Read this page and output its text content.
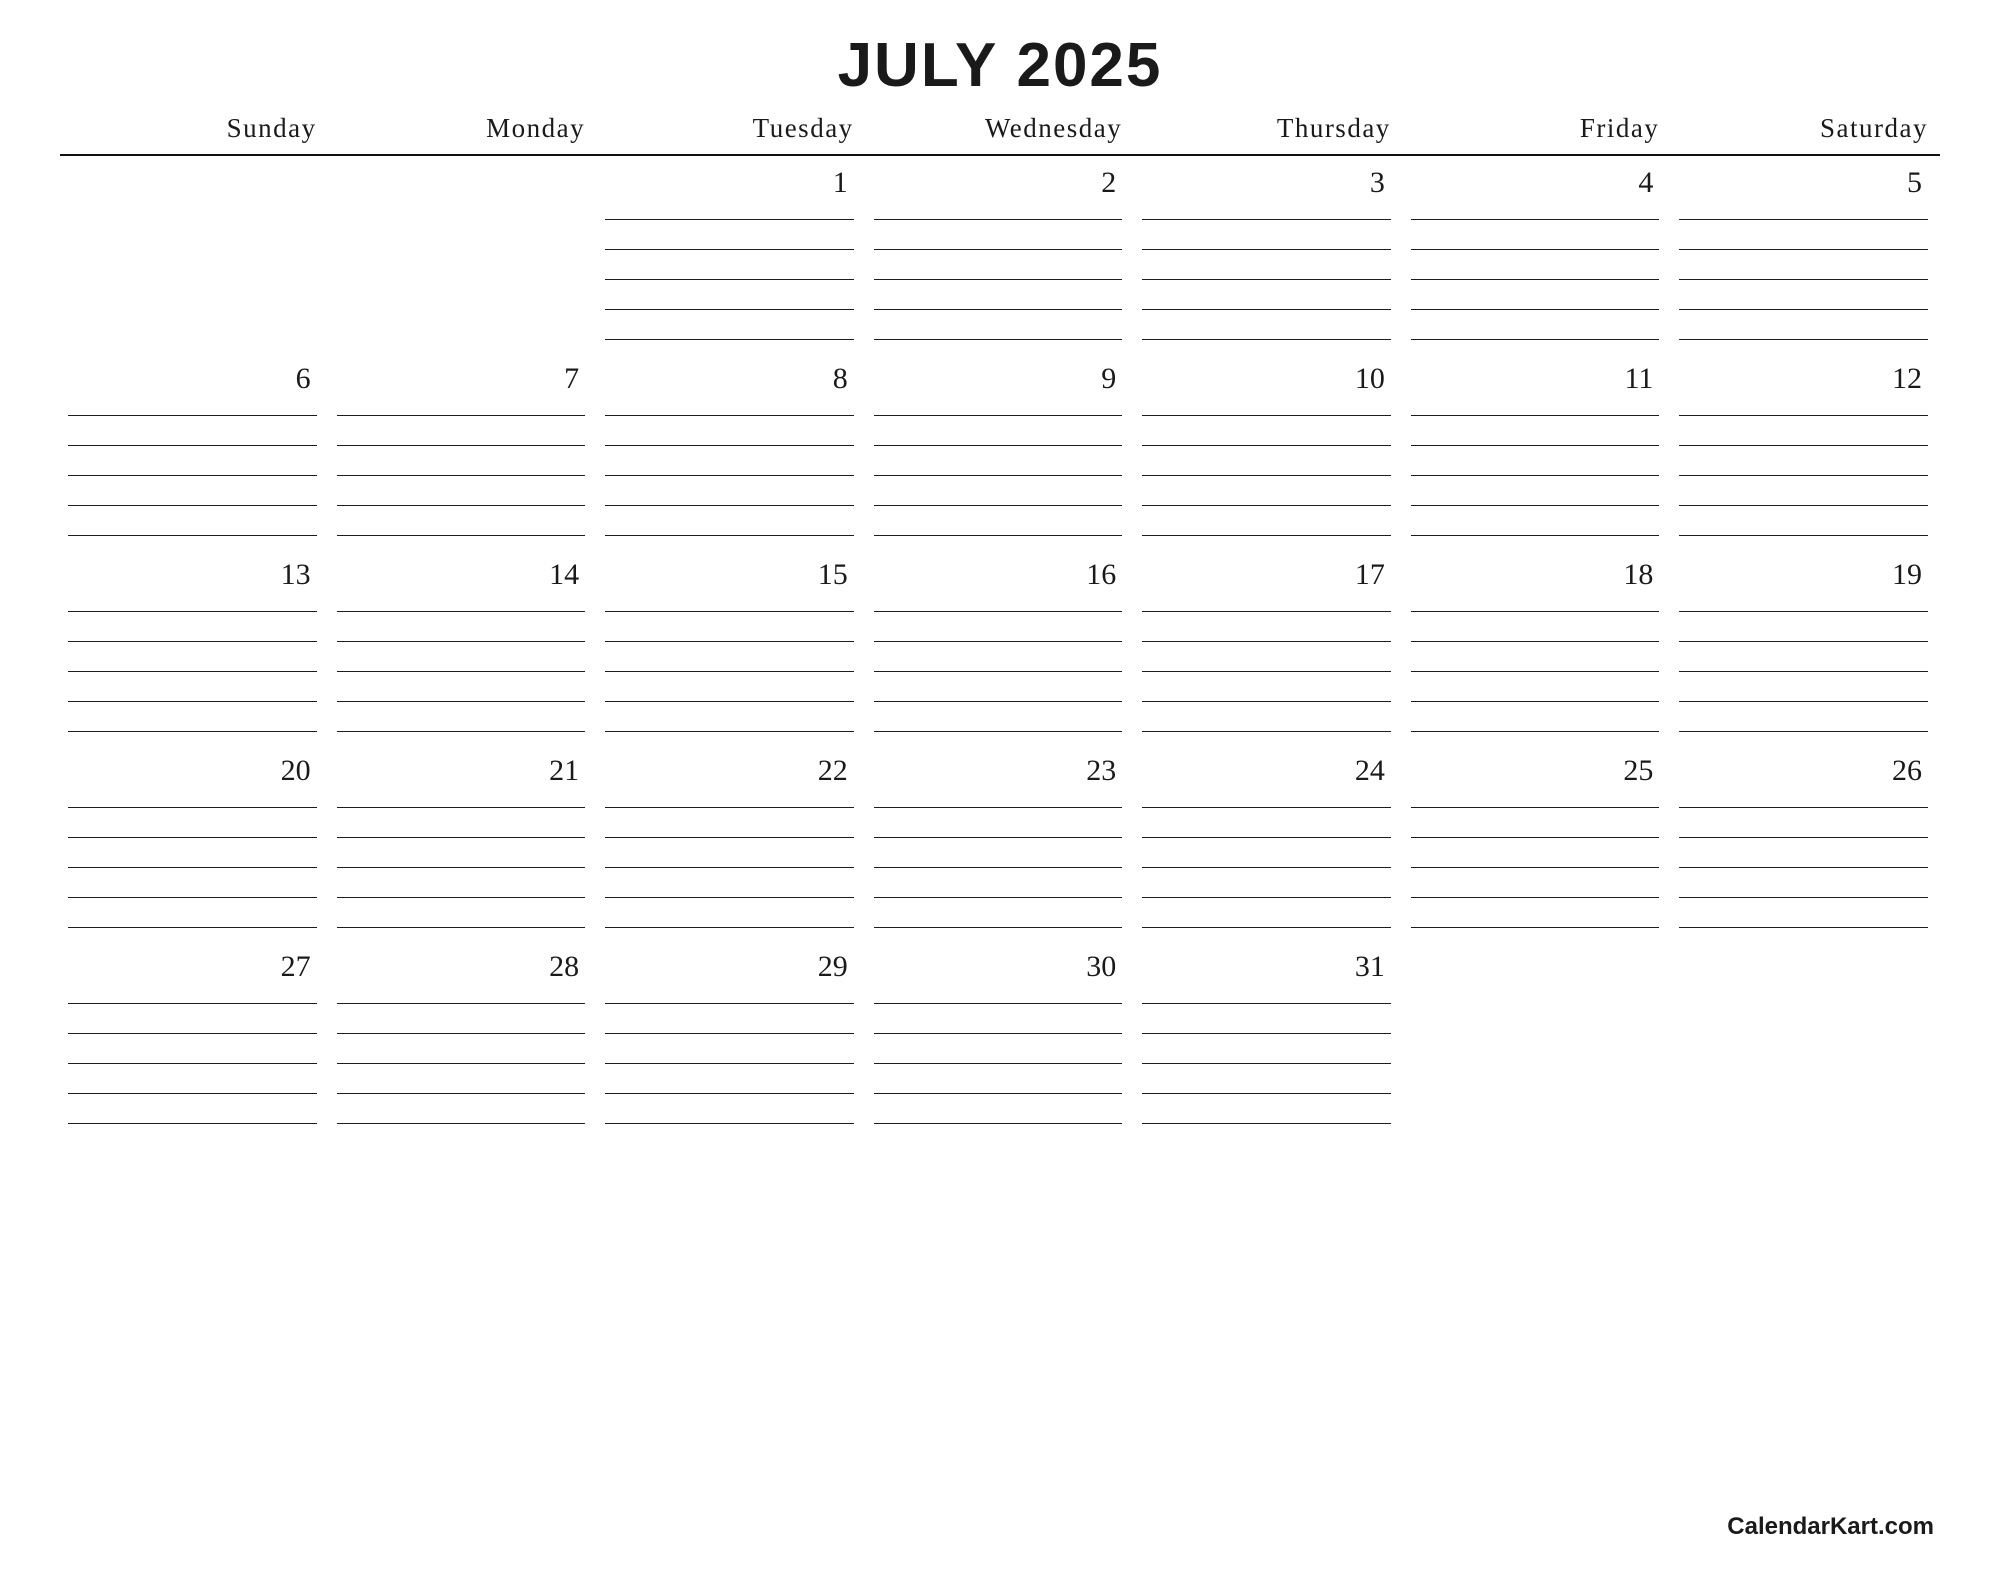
JULY 2025
Sunday	Monday	Tuesday	Wednesday	Thursday	Friday	Saturday

		1	2	3	4	5

6	7	8	9	10	11	12

13	14	15	16	17	18	19

20	21	22	23	24	25	26

27	28	29	30	31		

CalendarKart.com
